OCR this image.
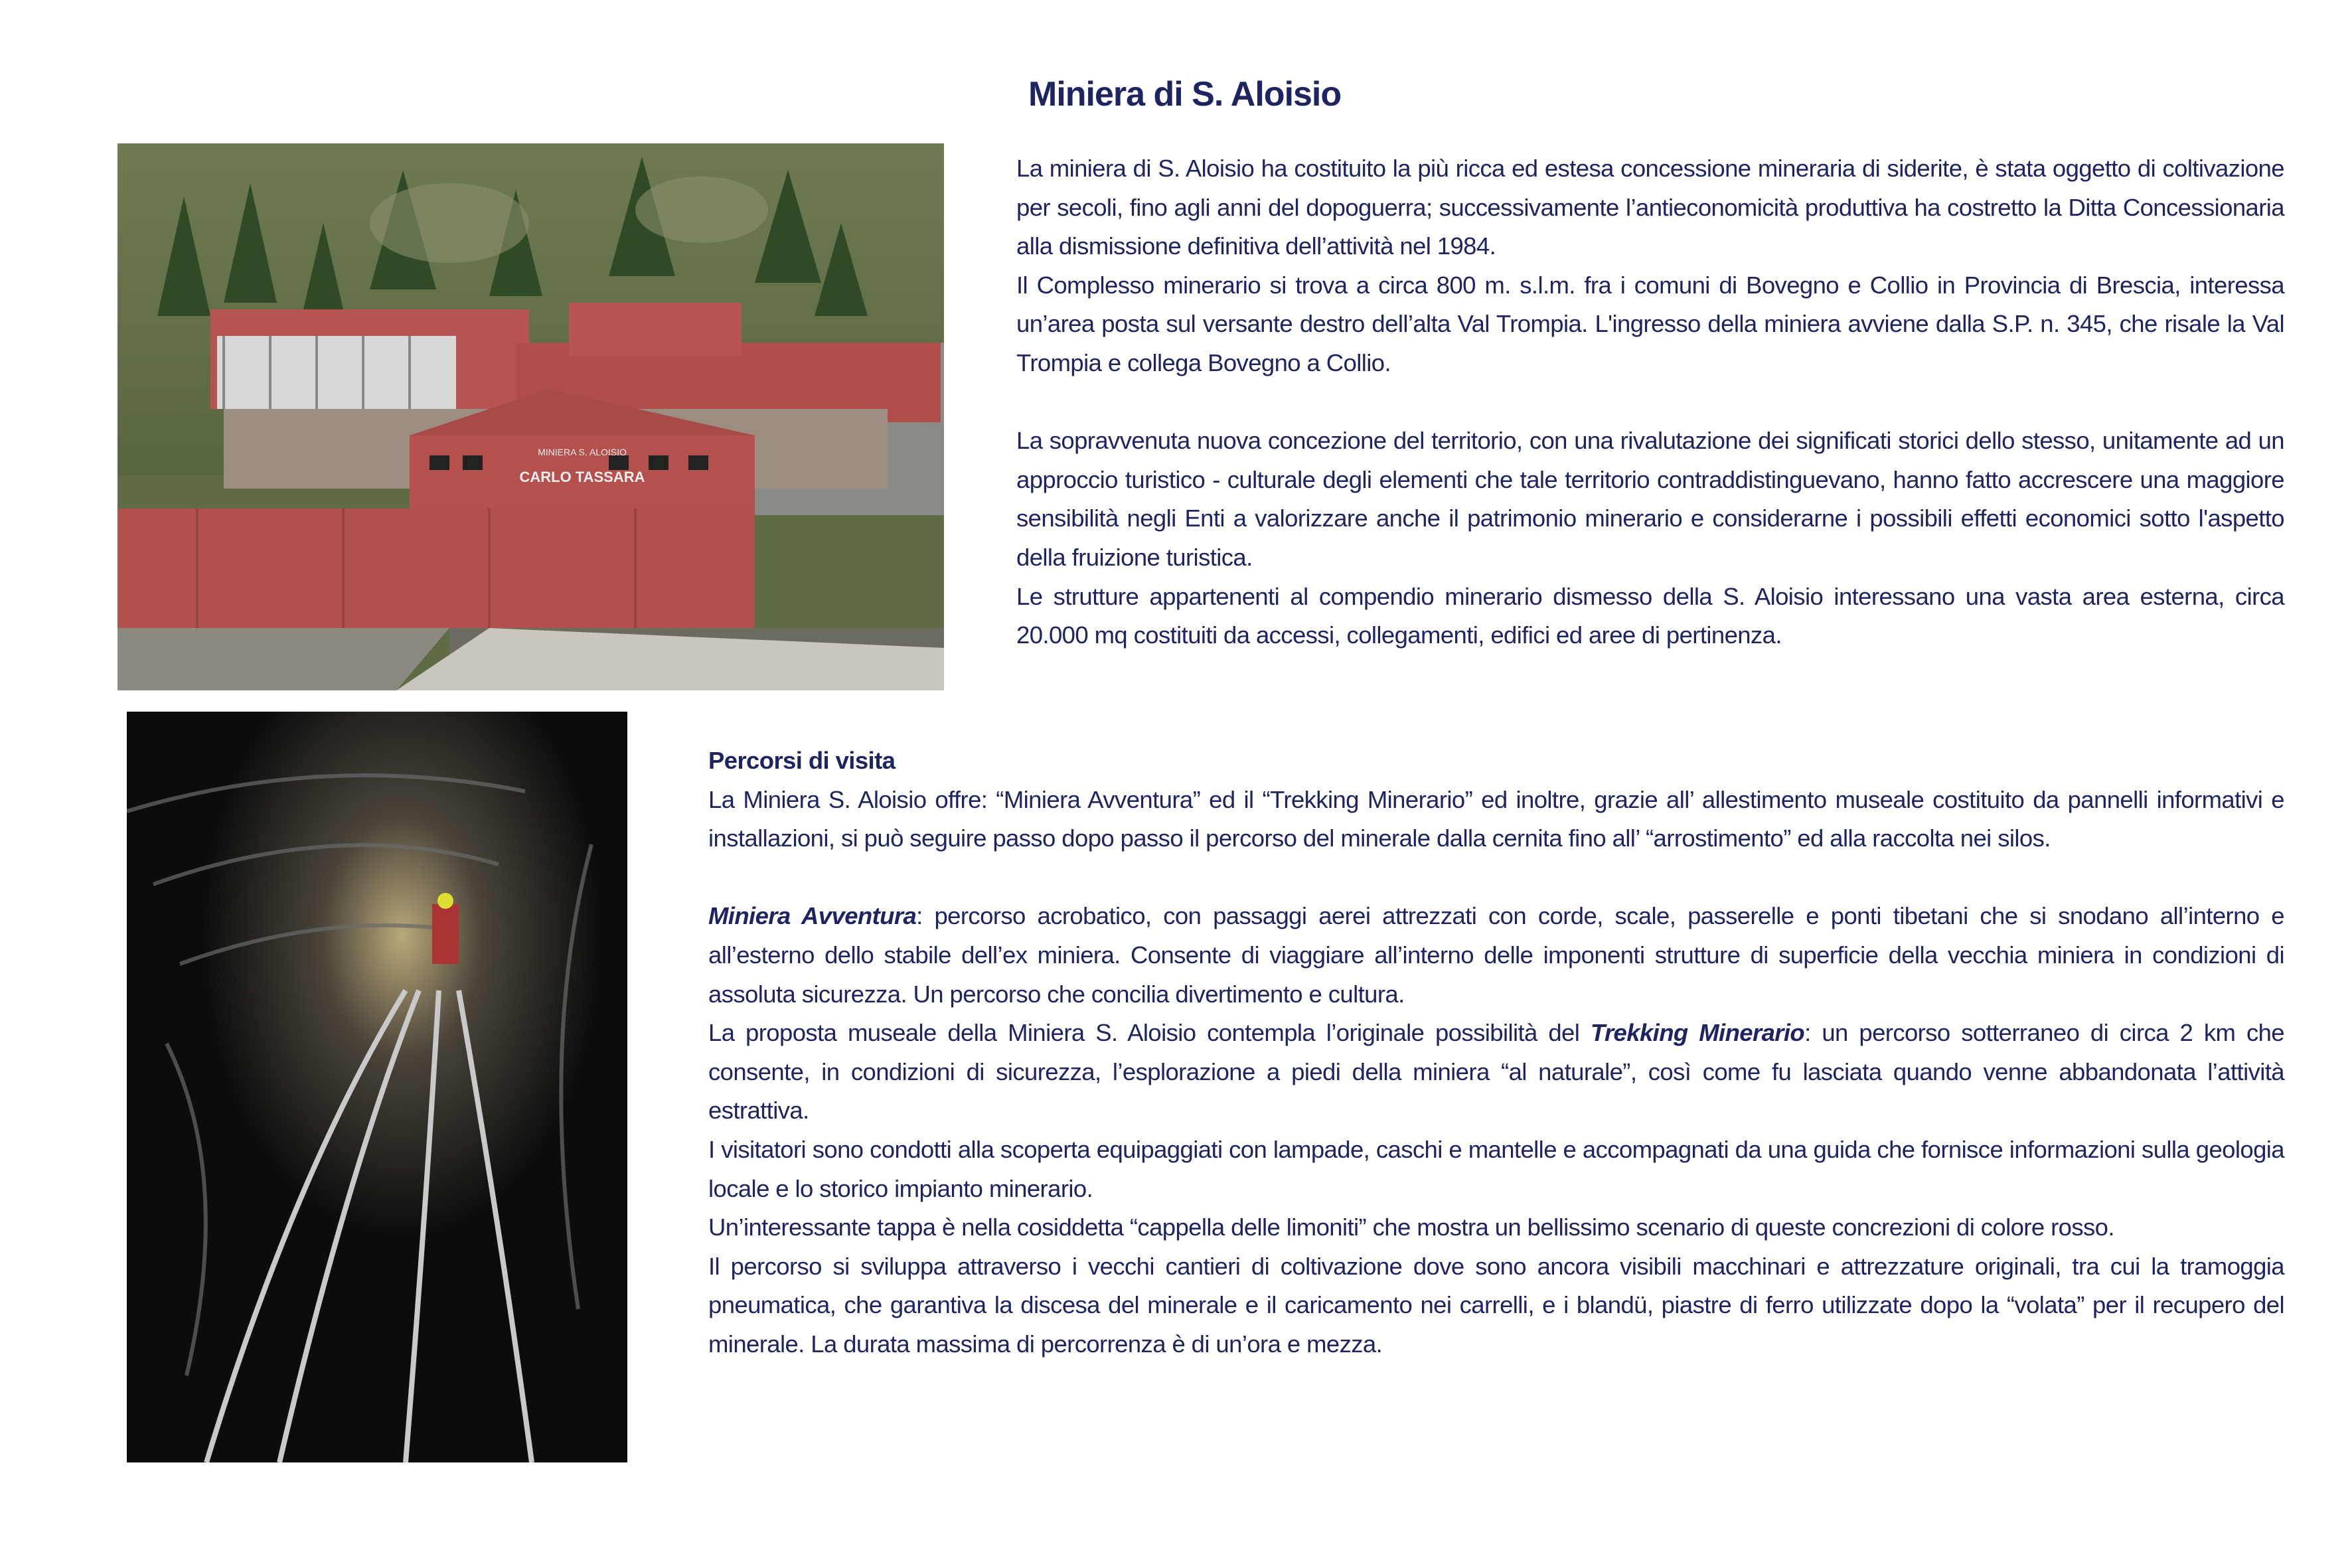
Miniera di S. Aloisio
MINIERA S. ALOISIO
CARLO TASSARA

La miniera di S. Aloisio ha costituito la più ricca ed estesa concessione mineraria di siderite, è stata oggetto di coltivazione per secoli, fino agli anni del dopoguerra; successivamente l’antieconomicità produttiva ha costretto la Ditta Concessionaria alla dismissione definitiva dell’attività nel 1984.

Il Complesso minerario si trova a circa 800 m. s.l.m. fra i comuni di Bovegno e Collio in Provincia di Brescia, interessa un’area posta sul versante destro dell’alta Val Trompia. L'ingresso della miniera avviene dalla S.P. n. 345, che risale la Val Trompia e collega Bovegno a Collio.

La sopravvenuta nuova concezione del territorio, con una rivalutazione dei significati storici dello stesso, unitamente ad un approccio turistico - culturale degli elementi che tale territorio contraddistinguevano, hanno fatto accrescere una maggiore sensibilità negli Enti a valorizzare anche il patrimonio minerario e considerarne i possibili effetti economici sotto l'aspetto della fruizione turistica.

Le strutture appartenenti al compendio minerario dismesso della S. Aloisio interessano una vasta area esterna, circa 20.000 mq costituiti da accessi, collegamenti, edifici ed aree di pertinenza.

Percorsi di visita

La Miniera S. Aloisio offre: “Miniera Avventura” ed il “Trekking Minerario” ed inoltre, grazie all’ allestimento museale costituito da pannelli informativi e installazioni, si può seguire passo dopo passo il percorso del minerale dalla cernita fino all’ “arrostimento” ed alla raccolta nei silos.

Miniera Avventura: percorso acrobatico, con passaggi aerei attrezzati con corde, scale, passerelle e ponti tibetani che si snodano all’interno e all’esterno dello stabile dell’ex miniera. Consente di viaggiare all’interno delle imponenti strutture di superficie della vecchia miniera in condizioni di assoluta sicurezza. Un percorso che concilia divertimento e cultura.

La proposta museale della Miniera S. Aloisio contempla l’originale possibilità del Trekking Minerario: un percorso sotterraneo di circa 2 km che consente, in condizioni di sicurezza, l’esplorazione a piedi della miniera “al naturale”, così come fu lasciata quando venne abbandonata l’attività estrattiva.

I visitatori sono condotti alla scoperta equipaggiati con lampade, caschi e mantelle e accompagnati da una guida che fornisce informazioni sulla geologia locale e lo storico impianto minerario.

Un’interessante tappa è nella cosiddetta “cappella delle limoniti” che mostra un bellissimo scenario di queste concrezioni di colore rosso.

Il percorso si sviluppa attraverso i vecchi cantieri di coltivazione dove sono ancora visibili macchinari e attrezzature originali, tra cui la tramoggia pneumatica, che garantiva la discesa del minerale e il caricamento nei carrelli, e i blandü, piastre di ferro utilizzate dopo la “volata” per il recupero del minerale. La durata massima di percorrenza è di un’ora e mezza.
